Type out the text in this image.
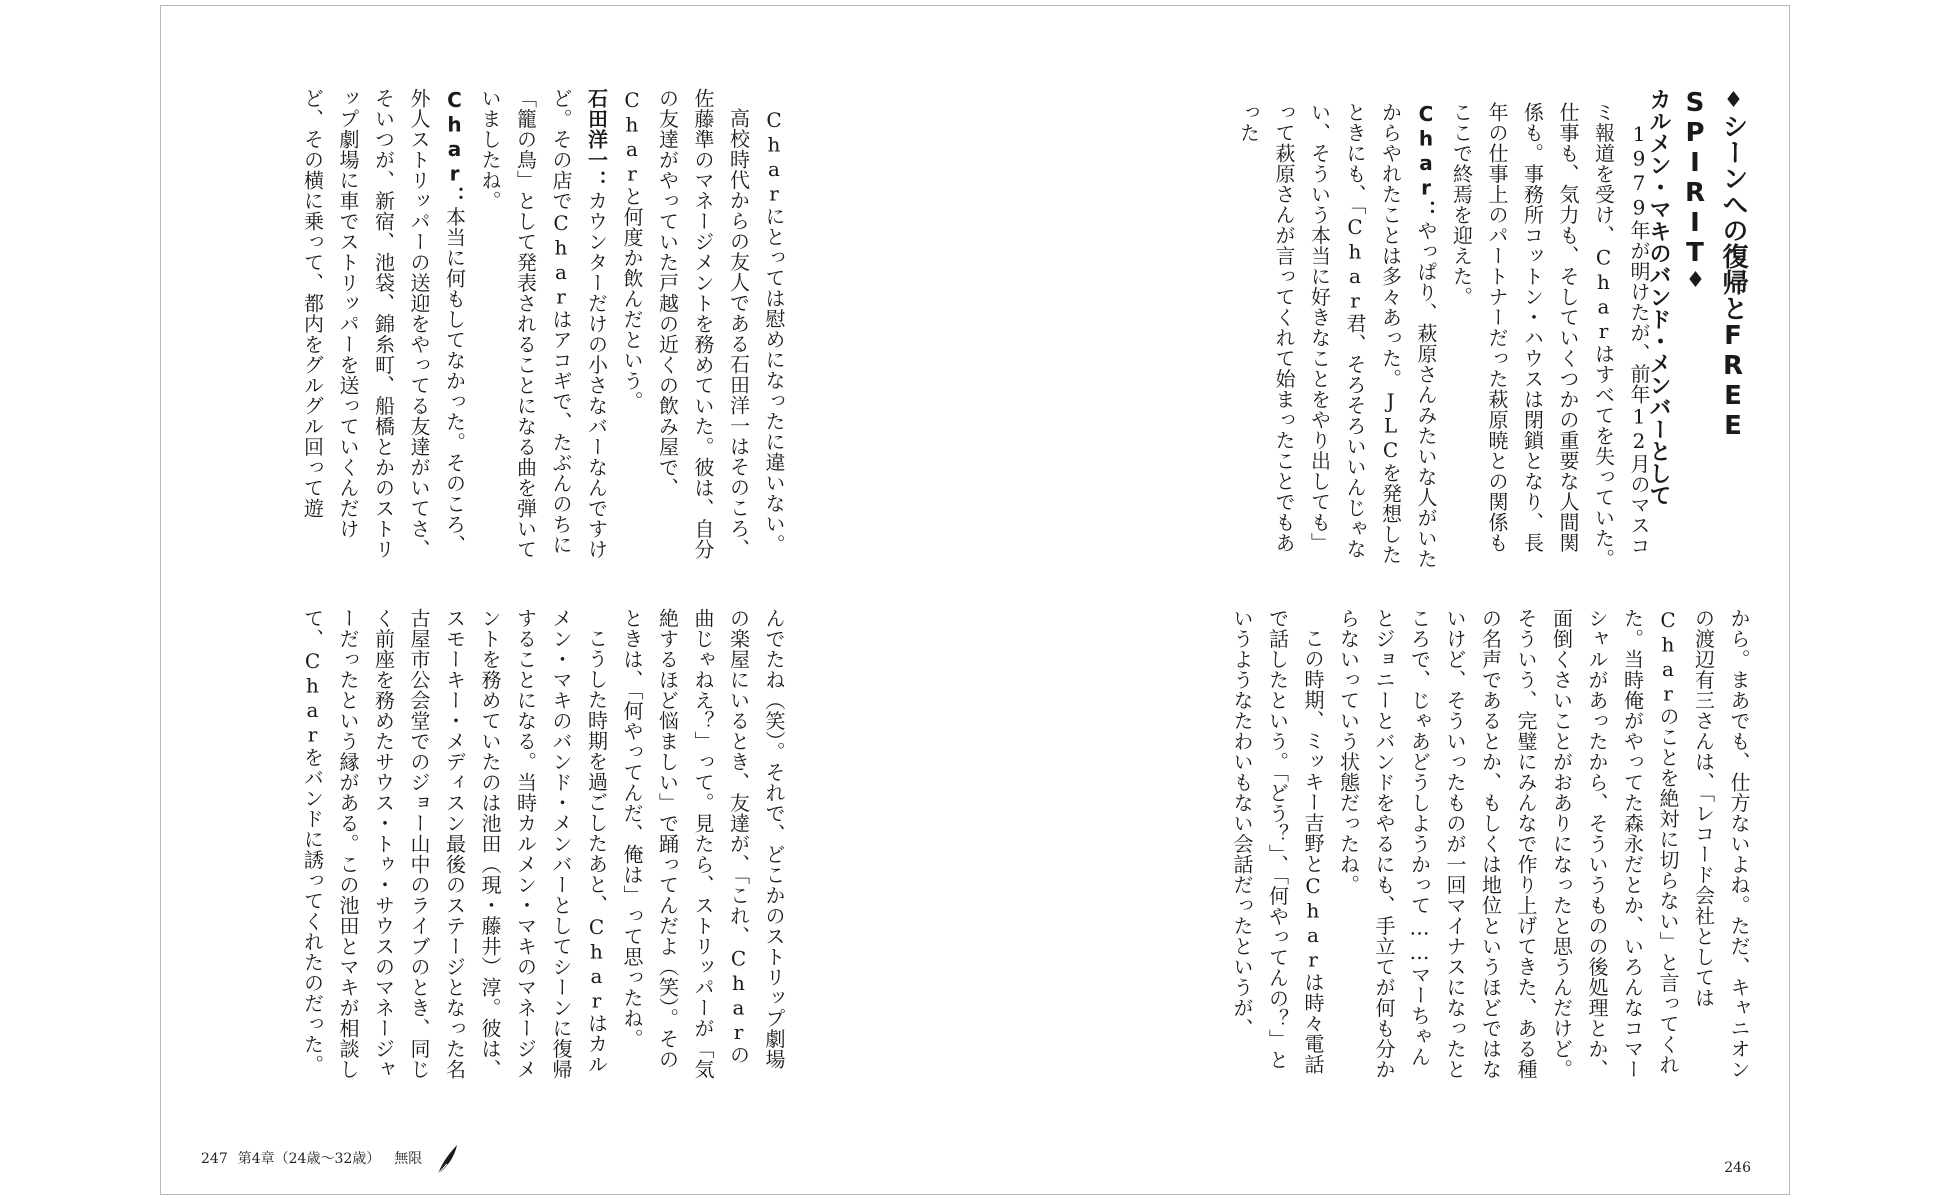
Charにとっては慰めになったに違いない。

高校時代からの友人である石田洋一はそのころ、佐藤準のマネージメントを務めていた。彼は、自分の友達がやっていた戸越の近くの飲み屋で、Charと何度か飲んだという。

石田洋一：カウンターだけの小さなバーなんですけど。その店でCharはアコギで、たぶんのちに「籠の鳥」として発表されることになる曲を弾いていましたね。

Char：本当に何もしてなかった。そのころ、外人ストリッパーの送迎をやってる友達がいてさ、そいつが、新宿、池袋、錦糸町、船橋とかのストリップ劇場に車でストリッパーを送っていくんだけど、その横に乗って、都内をグルグル回って遊

んでたね（笑）。それで、どこかのストリップ劇場の楽屋にいるとき、友達が、「これ、Charの曲じゃねえ？」って。見たら、ストリッパーが「気絶するほど悩ましい」で踊ってんだよ（笑）。そのときは、「何やってんだ、俺は」って思ったね。

こうした時期を過ごしたあと、Charはカルメン・マキのバンド・メンバーとしてシーンに復帰することになる。当時カルメン・マキのマネージメントを務めていたのは池田（現・藤井）淳。彼は、スモーキー・メディスン最後のステージとなった名古屋市公会堂でのジョー山中のライブのとき、同じく前座を務めたサウス・トゥ・サウスのマネージャーだったという縁がある。この池田とマキが相談して、Charをバンドに誘ってくれたのだった。

247 第4章（24歳〜32歳） 無限
♦シーンへの復帰とFREE SPIRIT♦
カルメン・マキのバンド・メンバーとして

1979年が明けたが、前年12月のマスコミ報道を受け、Charはすべてを失っていた。仕事も、気力も、そしていくつかの重要な人間関係も。事務所コットン・ハウスは閉鎖となり、長年の仕事上のパートナーだった萩原暁との関係もここで終焉を迎えた。

Char：やっぱり、萩原さんみたいな人がいたからやれたことは多々あった。JLCを発想したときにも、「Char君、そろそろいいんじゃない、そういう本当に好きなことをやり出しても」って萩原さんが言ってくれて始まったことでもあった

から。まあでも、仕方ないよね。ただ、キャニオンの渡辺有三さんは、「レコード会社としてはCharのことを絶対に切らない」と言ってくれた。当時俺がやってた森永だとか、いろんなコマーシャルがあったから、そういうものの後処理とか、面倒くさいことがおありになったと思うんだけど。そういう、完璧にみんなで作り上げてきた、ある種の名声であるとか、もしくは地位というほどではないけど、そういったものが一回マイナスになったところで、じゃあどうしようかって……マーちゃんとジョニーとバンドをやるにも、手立てが何も分からないっていう状態だったね。

この時期、ミッキー吉野とCharは時々電話で話したという。「どう？」、「何やってんの？」というようなたわいもない会話だったというが、

246
